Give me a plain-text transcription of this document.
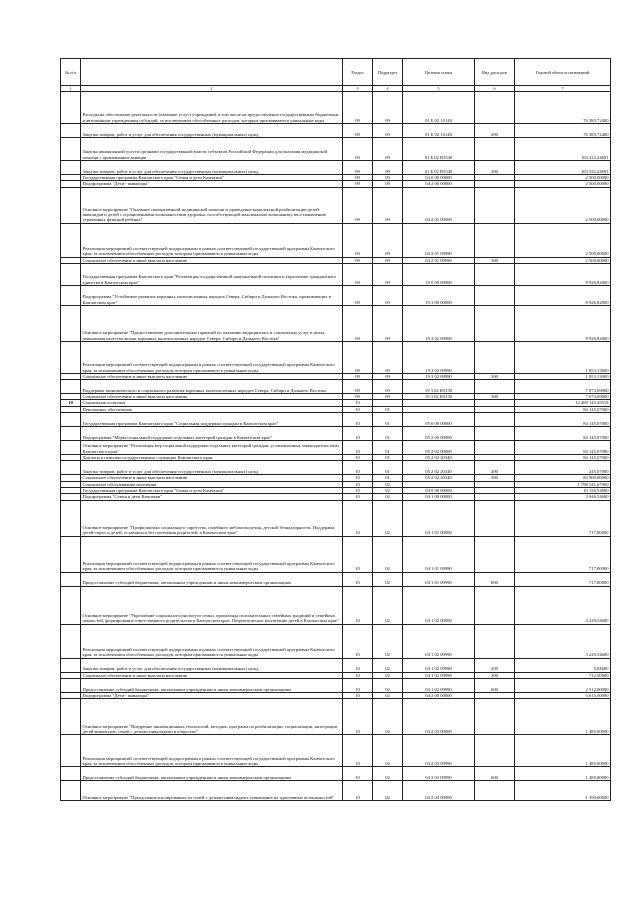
№ п/п		Раздел	Подраздел	Целевая статья	Вид расходов	Годовой объем ассигнований
1	2	3	4	5	6	7
	Расходы на обеспечение деятельности (оказание услуг) учреждений, в том числе на предоставление государственным бюджетным и автономным учреждениям субсидий, за исключением обособленных расходов, которым присваиваются уникальные коды	09	09	01 Б 02 10140		76 383,72400
	Закупка товаров, работ и услуг для обеспечения государственных (муниципальных) нужд	09	09	01 Б 02 10140	200	76 383,72400
	Закупка авиационной услуги органами государственной власти субъектов Российской Федерации для оказания медицинской помощи с применением авиации	09	09	01 Б 02 R5540		163 322,24691
	Закупка товаров, работ и услуг для обеспечения государственных (муниципальных) нужд	09	09	01 Б 02 R5540	200	163 322,24691
	Государственная программа Камчатского края "Семья и дети Камчатки"	09	09	04 0 00 00000		2 500,00000
	Подпрограмма "Дети - инвалиды"	09	09	04 2 00 00000		2 500,00000
	Основное мероприятие "Оказание своевременной медицинской помощи и проведение комплексной реабилитации детей-инвалидов и детей с ограниченными возможностями здоровья, способствующей максимально возможному восстановлению утраченных функций ребенка"	09	09	04 2 01 00000		2 500,00000
	Реализация мероприятий соответствующей подпрограммы в рамках соответствующей государственной программы Камчатского края, за исключением обособленных расходов, которым присваиваются уникальные коды	09	09	04 2 01 09990		2 500,00000
	Социальное обеспечение и иные выплаты населению	09	09	04 2 01 09990	300	2 500,00000
	Государственная программа Камчатского края "Реализация государственной национальной политики и укрепление гражданского единства в Камчатском крае"	09	09	19 0 00 00000		8 926,82000
	Подпрограмма "Устойчивое развитие коренных малочисленных народов Севера, Сибири и Дальнего Востока, проживающих в Камчатском крае"	09	09	19 3 00 00000		8 926,82000
	Основное мероприятие "Предоставление дополнительных гарантий по оказанию медицинских и социальных услуг в целях повышения качества жизни коренных малочисленных народов Севера, Сибири и Дальнего Востока"	09	09	19 3 02 00000		8 926,82000
	Реализация мероприятий соответствующей подпрограммы в рамках соответствующей государственной программы Камчатского края, за исключением обособленных расходов, которым присваиваются уникальные коды	09	09	19 3 02 09990		1 853,13000
	Социальное обеспечение и иные выплаты населению	09	09	19 3 02 09990	300	1 853,13000
	Поддержка экономического и социального развития коренных малочисленных народов Севера, Сибири и Дальнего Востока	09	09	19 3 02 R5150		7 073,69000
	Социальное обеспечение и иные выплаты населению	09	09	19 3 02 R5150	300	7 073,69000
10	Социальная политика	10				12 469 143,45518
	Пенсионное обеспечение	10	01			84 145,07000
	Государственная программа Камчатского края "Социальная поддержка граждан в Камчатском крае"	10	01	05 0 00 00000		84 145,07000
	Подпрограмма "Меры социальной поддержки отдельных категорий граждан в Камчатском крае"	10	01	05 2 00 00000		84 145,07000
	Основное мероприятие "Реализация мер социальной поддержки отдельных категорий граждан, установленных законодательством Камчатского края"	10	01	05 2 02 00000		84 145,07000
	Доплаты к пенсиям государственных служащих Камчатского края	10	01	05 2 02 20340		84 145,07000
	Закупка товаров, работ и услуг для обеспечения государственных (муниципальных) нужд	10	01	05 2 02 20340	200	245,07000
	Социальное обеспечение и иные выплаты населению	10	01	05 2 02 20340	300	83 900,00000
	Социальное обслуживание населения	10	02			1 798 541,67900
	Государственная программа Камчатского края "Семья и дети Камчатки"	10	02	04 0 00 00000		10 150,54600
	Подпрограмма "Семья и дети Камчатки"	10	02	04 1 00 00000		3 946,54600
	Основное мероприятие "Профилактика социального сиротства, семейного неблагополучия, детской безнадзорности. Поддержка детей-сирот и детей, оставшихся без попечения родителей, в Камчатском крае"	10	02	04 1 01 00000		717,00000
	Реализация мероприятий соответствующей подпрограммы в рамках соответствующей государственной программы Камчатского края, за исключением обособленных расходов, которым присваиваются уникальные коды	10	02	04 1 01 09990		717,00000
	Предоставление субсидий бюджетным, автономным учреждениям и иным некоммерческим организациям	10	02	04 1 01 09990	600	717,00000
	Основное мероприятие "Укрепление социального института семьи, пропаганда положительных семейных традиций и семейных ценностей, формирование ответственного родительства в Камчатском крае. Патриотическое воспитание детей в Камчатском крае"	10	02	04 1 02 00000		3 229,54600
	Реализация мероприятий соответствующей подпрограммы в рамках соответствующей государственной программы Камчатского края, за исключением обособленных расходов, которым присваиваются уникальные коды	10	02	04 1 02 09990		3 229,54600
	Закупка товаров, работ и услуг для обеспечения государственных (муниципальных) нужд	10	02	04 1 02 09990	200	5,04600
	Социальное обеспечение и иные выплаты населению	10	02	04 1 02 09990	300	712,50000
	Предоставление субсидий бюджетным, автономным учреждениям и иным некоммерческим организациям	10	02	04 1 02 09990	600	2 512,00000
	Подпрограмма "Дети - инвалиды"	10	02	04 2 00 00000		3 615,00000
	Основное мероприятие "Внедрение инновационных технологий, методик, программ по реабилитации, социализации, интеграции детей-инвалидов, семей с детьми-инвалидами в общество"	10	02	04 2 03 00000		1 485,00000
	Реализация мероприятий соответствующей подпрограммы в рамках соответствующей государственной программы Камчатского края, за исключением обособленных расходов, которым присваиваются уникальные коды	10	02	04 2 03 09990		1 485,00000
	Предоставление субсидий бюджетным, автономным учреждениям и иным некоммерческим организациям	10	02	04 2 03 09990	600	1 485,00000
	Основное мероприятие "Преодоление изолированности семей с детьми-инвалидами, повышение их адаптивных возможностей"	10	02	04 2 04 00000		1 190,00000
